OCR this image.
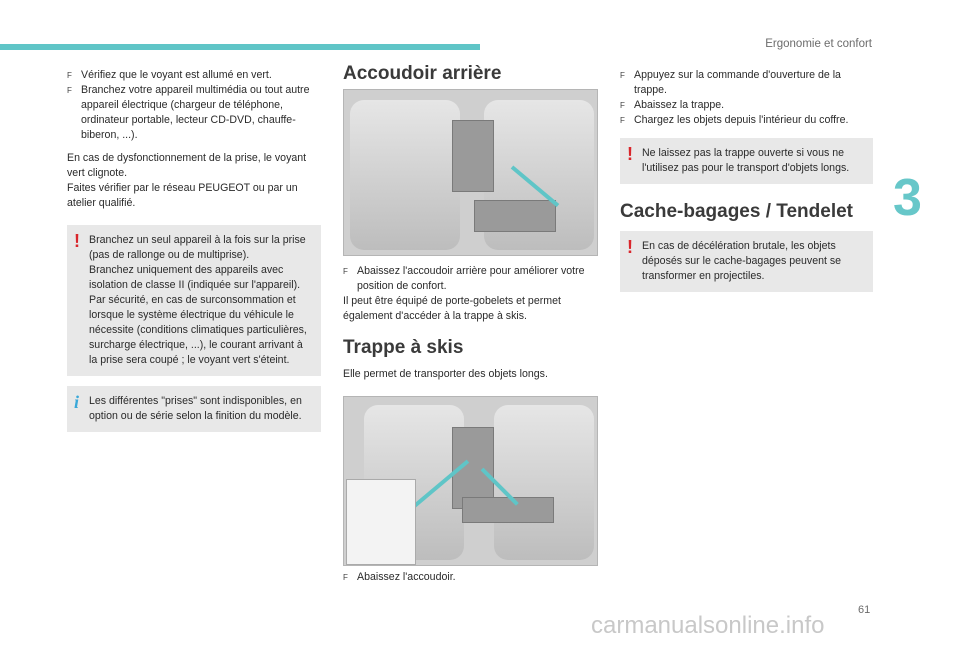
Ergonomie et confort
3
61

F Vérifiez que le voyant est allumé en vert.

F Branchez votre appareil multimédia ou tout autre appareil électrique (chargeur de téléphone, ordinateur portable, lecteur CD-DVD, chauffe-biberon, ...).

En cas de dysfonctionnement de la prise, le voyant vert clignote.

Faites vérifier par le réseau PEUGEOT ou par un atelier qualifié.

! Branchez un seul appareil à la fois sur la prise (pas de rallonge ou de multiprise).

Branchez uniquement des appareils avec isolation de classe II (indiquée sur l'appareil).

Par sécurité, en cas de surconsommation et lorsque le système électrique du véhicule le nécessite (conditions climatiques particulières, surcharge électrique, ...), le courant arrivant à la prise sera coupé ; le voyant vert s'éteint.

i Les différentes "prises" sont indisponibles, en option ou de série selon la finition du modèle.

Accoudoir arrière

F Abaissez l'accoudoir arrière pour améliorer votre position de confort.

Il peut être équipé de porte-gobelets et permet également d'accéder à la trappe à skis.

Trappe à skis

Elle permet de transporter des objets longs.

F Abaissez l'accoudoir.

F Appuyez sur la commande d'ouverture de la trappe.

F Abaissez la trappe.

F Chargez les objets depuis l'intérieur du coffre.

! Ne laissez pas la trappe ouverte si vous ne l'utilisez pas pour le transport d'objets longs.

Cache-bagages / Tendelet
! En cas de décélération brutale, les objets déposés sur le cache-bagages peuvent se transformer en projectiles.

carmanualsonline.info
